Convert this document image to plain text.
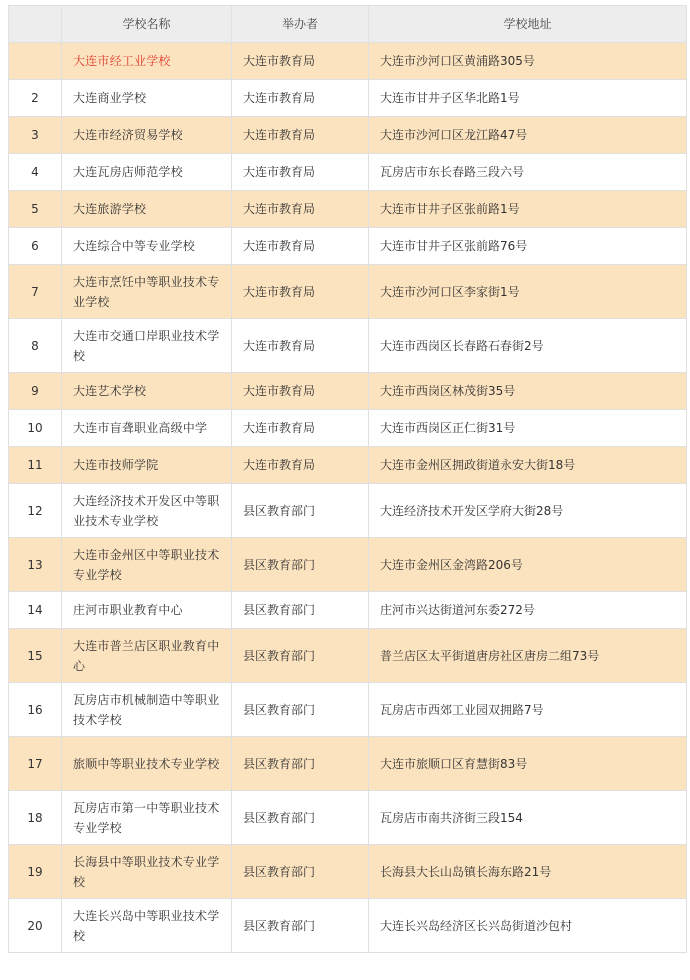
	学校名称	举办者	学校地址
	大连市经工业学校	大连市教育局	大连市沙河口区黄浦路305号
2	大连商业学校	大连市教育局	大连市甘井子区华北路1号
3	大连市经济贸易学校	大连市教育局	大连市沙河口区龙江路47号
4	大连瓦房店师范学校	大连市教育局	瓦房店市东长春路三段六号
5	大连旅游学校	大连市教育局	大连市甘井子区张前路1号
6	大连综合中等专业学校	大连市教育局	大连市甘井子区张前路76号
7	大连市烹饪中等职业技术专业学校	大连市教育局	大连市沙河口区李家街1号
8	大连市交通口岸职业技术学校	大连市教育局	大连市西岗区长春路石春街2号
9	大连艺术学校	大连市教育局	大连市西岗区林茂街35号
10	大连市盲聋职业高级中学	大连市教育局	大连市西岗区正仁街31号
11	大连市技师学院	大连市教育局	大连市金州区拥政街道永安大街18号
12	大连经济技术开发区中等职业技术专业学校	县区教育部门	大连经济技术开发区学府大街28号
13	大连市金州区中等职业技术专业学校	县区教育部门	大连市金州区金湾路206号
14	庄河市职业教育中心	县区教育部门	庄河市兴达街道河东委272号
15	大连市普兰店区职业教育中心	县区教育部门	普兰店区太平街道唐房社区唐房二组73号
16	瓦房店市机械制造中等职业技术学校	县区教育部门	瓦房店市西郊工业园双拥路7号
17	旅顺中等职业技术专业学校	县区教育部门	大连市旅顺口区育慧街83号
18	瓦房店市第一中等职业技术专业学校	县区教育部门	瓦房店市南共济街三段154
19	长海县中等职业技术专业学校	县区教育部门	长海县大长山岛镇长海东路21号
20	大连长兴岛中等职业技术学校	县区教育部门	大连长兴岛经济区长兴岛街道沙包村
